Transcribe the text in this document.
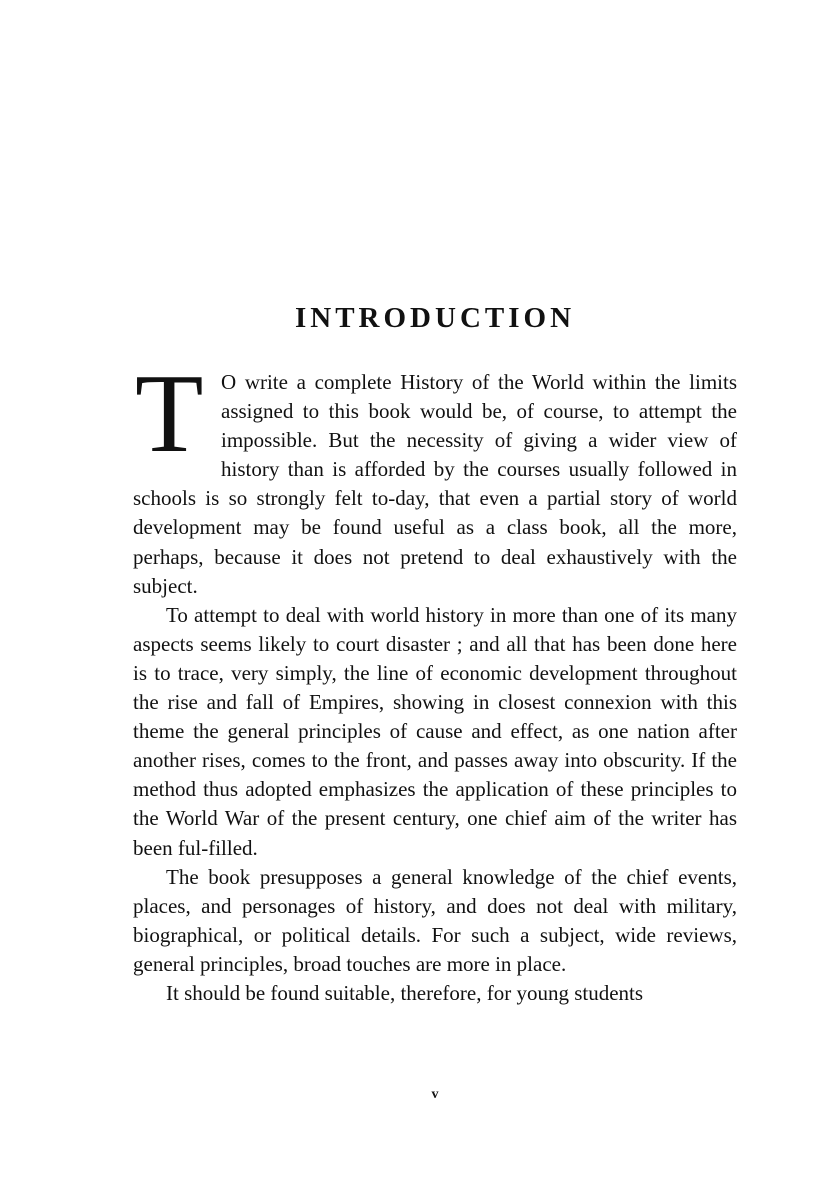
INTRODUCTION

T O write a complete History of the World within the limits assigned to this book would be, of course, to attempt the impossible. But the necessity of giving a wider view of history than is afforded by the courses usually followed in schools is so strongly felt to-day, that even a partial story of world development may be found useful as a class book, all the more, perhaps, because it does not pretend to deal exhaustively with the subject.

To attempt to deal with world history in more than one of its many aspects seems likely to court disaster ; and all that has been done here is to trace, very simply, the line of economic development throughout the rise and fall of Empires, showing in closest connexion with this theme the general principles of cause and effect, as one nation after another rises, comes to the front, and passes away into obscurity. If the method thus adopted emphasizes the application of these principles to the World War of the present century, one chief aim of the writer has been ful-filled.

The book presupposes a general knowledge of the chief events, places, and personages of history, and does not deal with military, biographical, or political details. For such a subject, wide reviews, general principles, broad touches are more in place.

It should be found suitable, therefore, for young students

v
